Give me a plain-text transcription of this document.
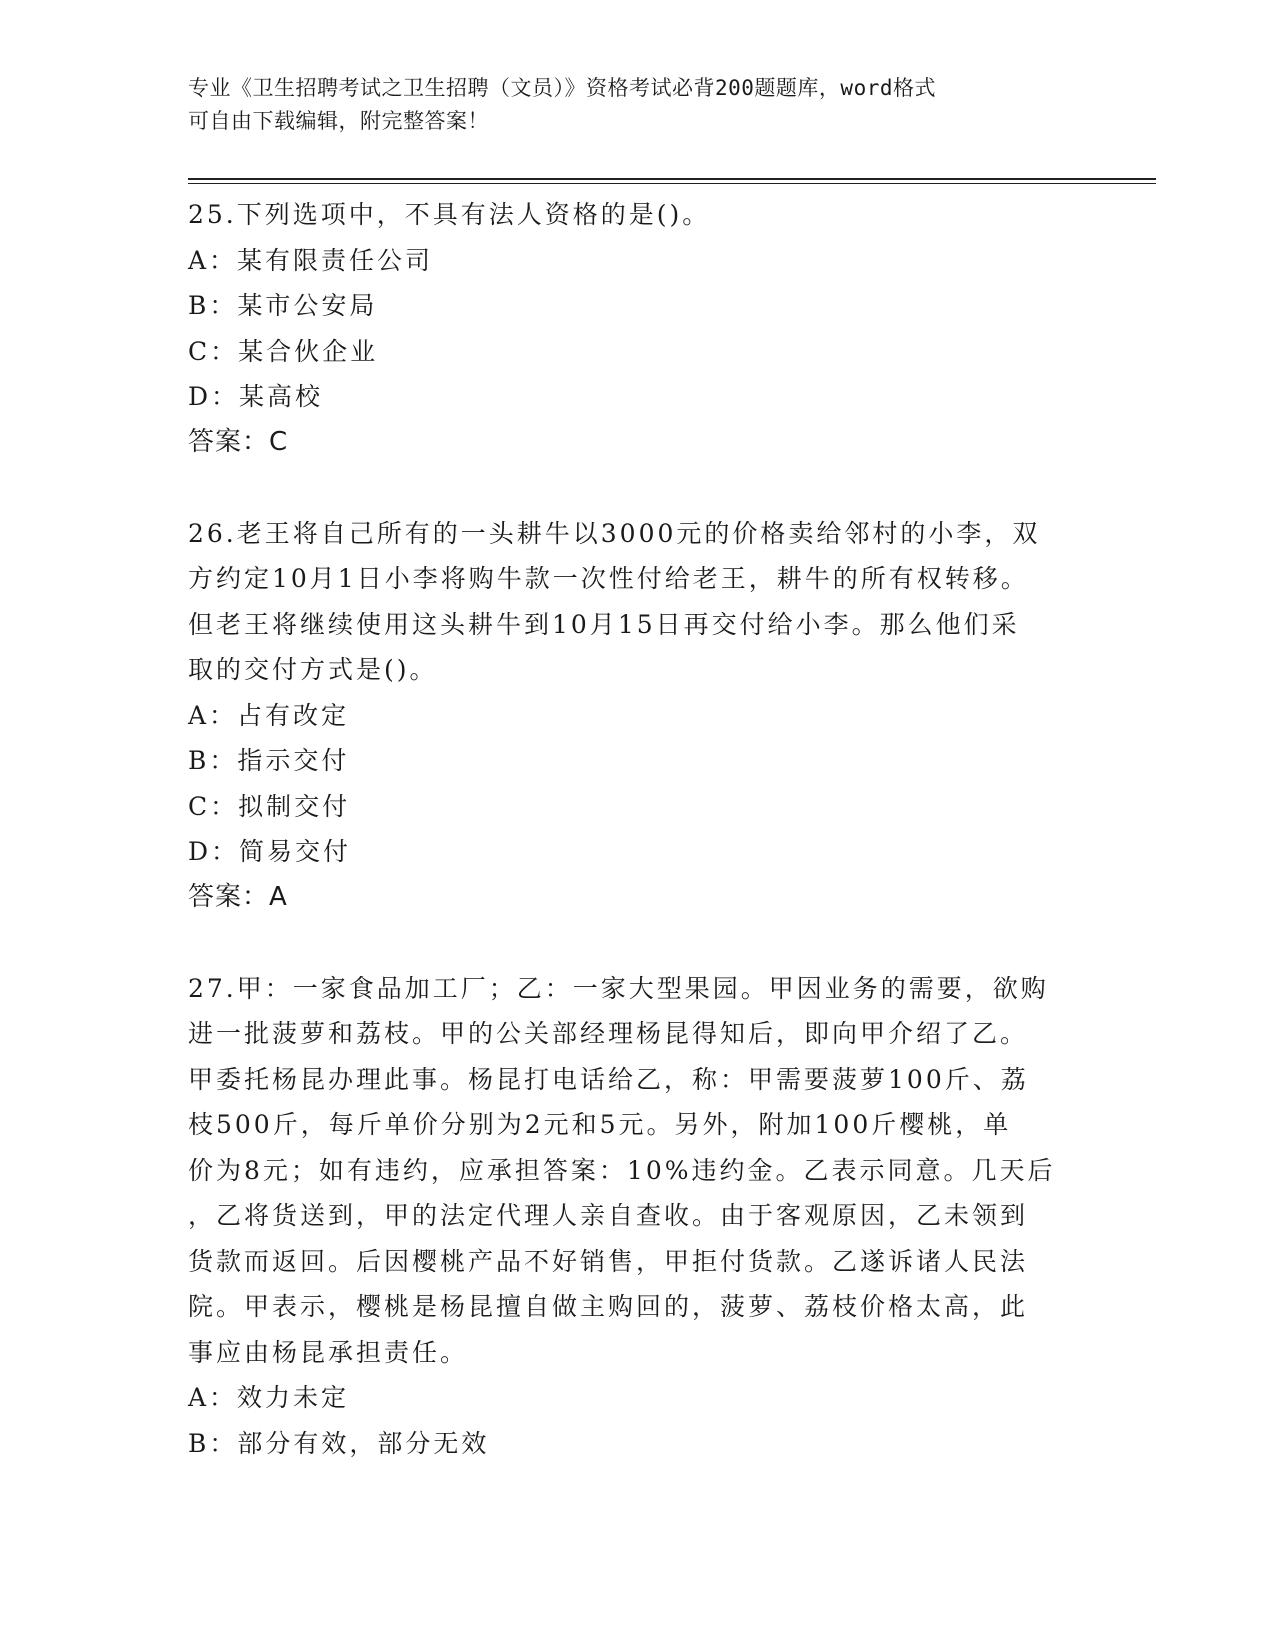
专业《卫生招聘考试之卫生招聘（文员）》资格考试必背200题题库，word格式
可自由下载编辑，附完整答案！
25.下列选项中，不具有法人资格的是()。
A：某有限责任公司
B：某市公安局
C：某合伙企业
D：某高校
答案：C
26.老王将自己所有的一头耕牛以3000元的价格卖给邻村的小李，双
方约定10月1日小李将购牛款一次性付给老王，耕牛的所有权转移。
但老王将继续使用这头耕牛到10月15日再交付给小李。那么他们采
取的交付方式是()。
A：占有改定
B：指示交付
C：拟制交付
D：简易交付
答案：A
27.甲：一家食品加工厂；乙：一家大型果园。甲因业务的需要，欲购
进一批菠萝和荔枝。甲的公关部经理杨昆得知后，即向甲介绍了乙。
甲委托杨昆办理此事。杨昆打电话给乙，称：甲需要菠萝100斤、荔
枝500斤，每斤单价分别为2元和5元。另外，附加100斤樱桃，单
价为8元；如有违约，应承担答案：10%违约金。乙表示同意。几天后
，乙将货送到，甲的法定代理人亲自查收。由于客观原因，乙未领到
货款而返回。后因樱桃产品不好销售，甲拒付货款。乙遂诉诸人民法
院。甲表示，樱桃是杨昆擅自做主购回的，菠萝、荔枝价格太高，此
事应由杨昆承担责任。
A：效力未定
B：部分有效，部分无效
